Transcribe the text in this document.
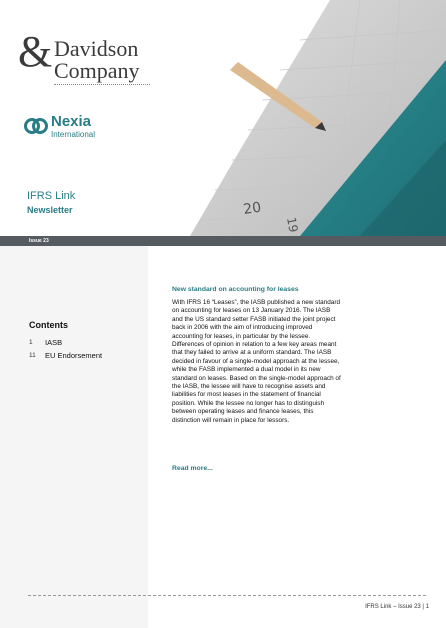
20
19
& Davidson
Company
Nexia
International
IFRS Link
Newsletter
Issue 23
Contents
1	IASB
11	EU Endorsement

New standard on accounting for leases

With IFRS 16 “Leases”, the IASB published a new standard on accounting for leases on 13 January 2016. The IASB and the US standard setter FASB initiated the joint project back in 2006 with the aim of introducing improved accounting for leases, in particular by the lessee. Differences of opinion in relation to a few key areas meant that they failed to arrive at a uniform standard. The IASB decided in favour of a single-model approach at the lessee, while the FASB implemented a dual model in its new standard on leases. Based on the single-model approach of the IASB, the lessee will have to recognise assets and liabilities for most leases in the statement of financial position. While the lessee no longer has to distinguish between operating leases and finance leases, this distinction will remain in place for lessors.

Read more...
IFRS Link – Issue 23 | 1
